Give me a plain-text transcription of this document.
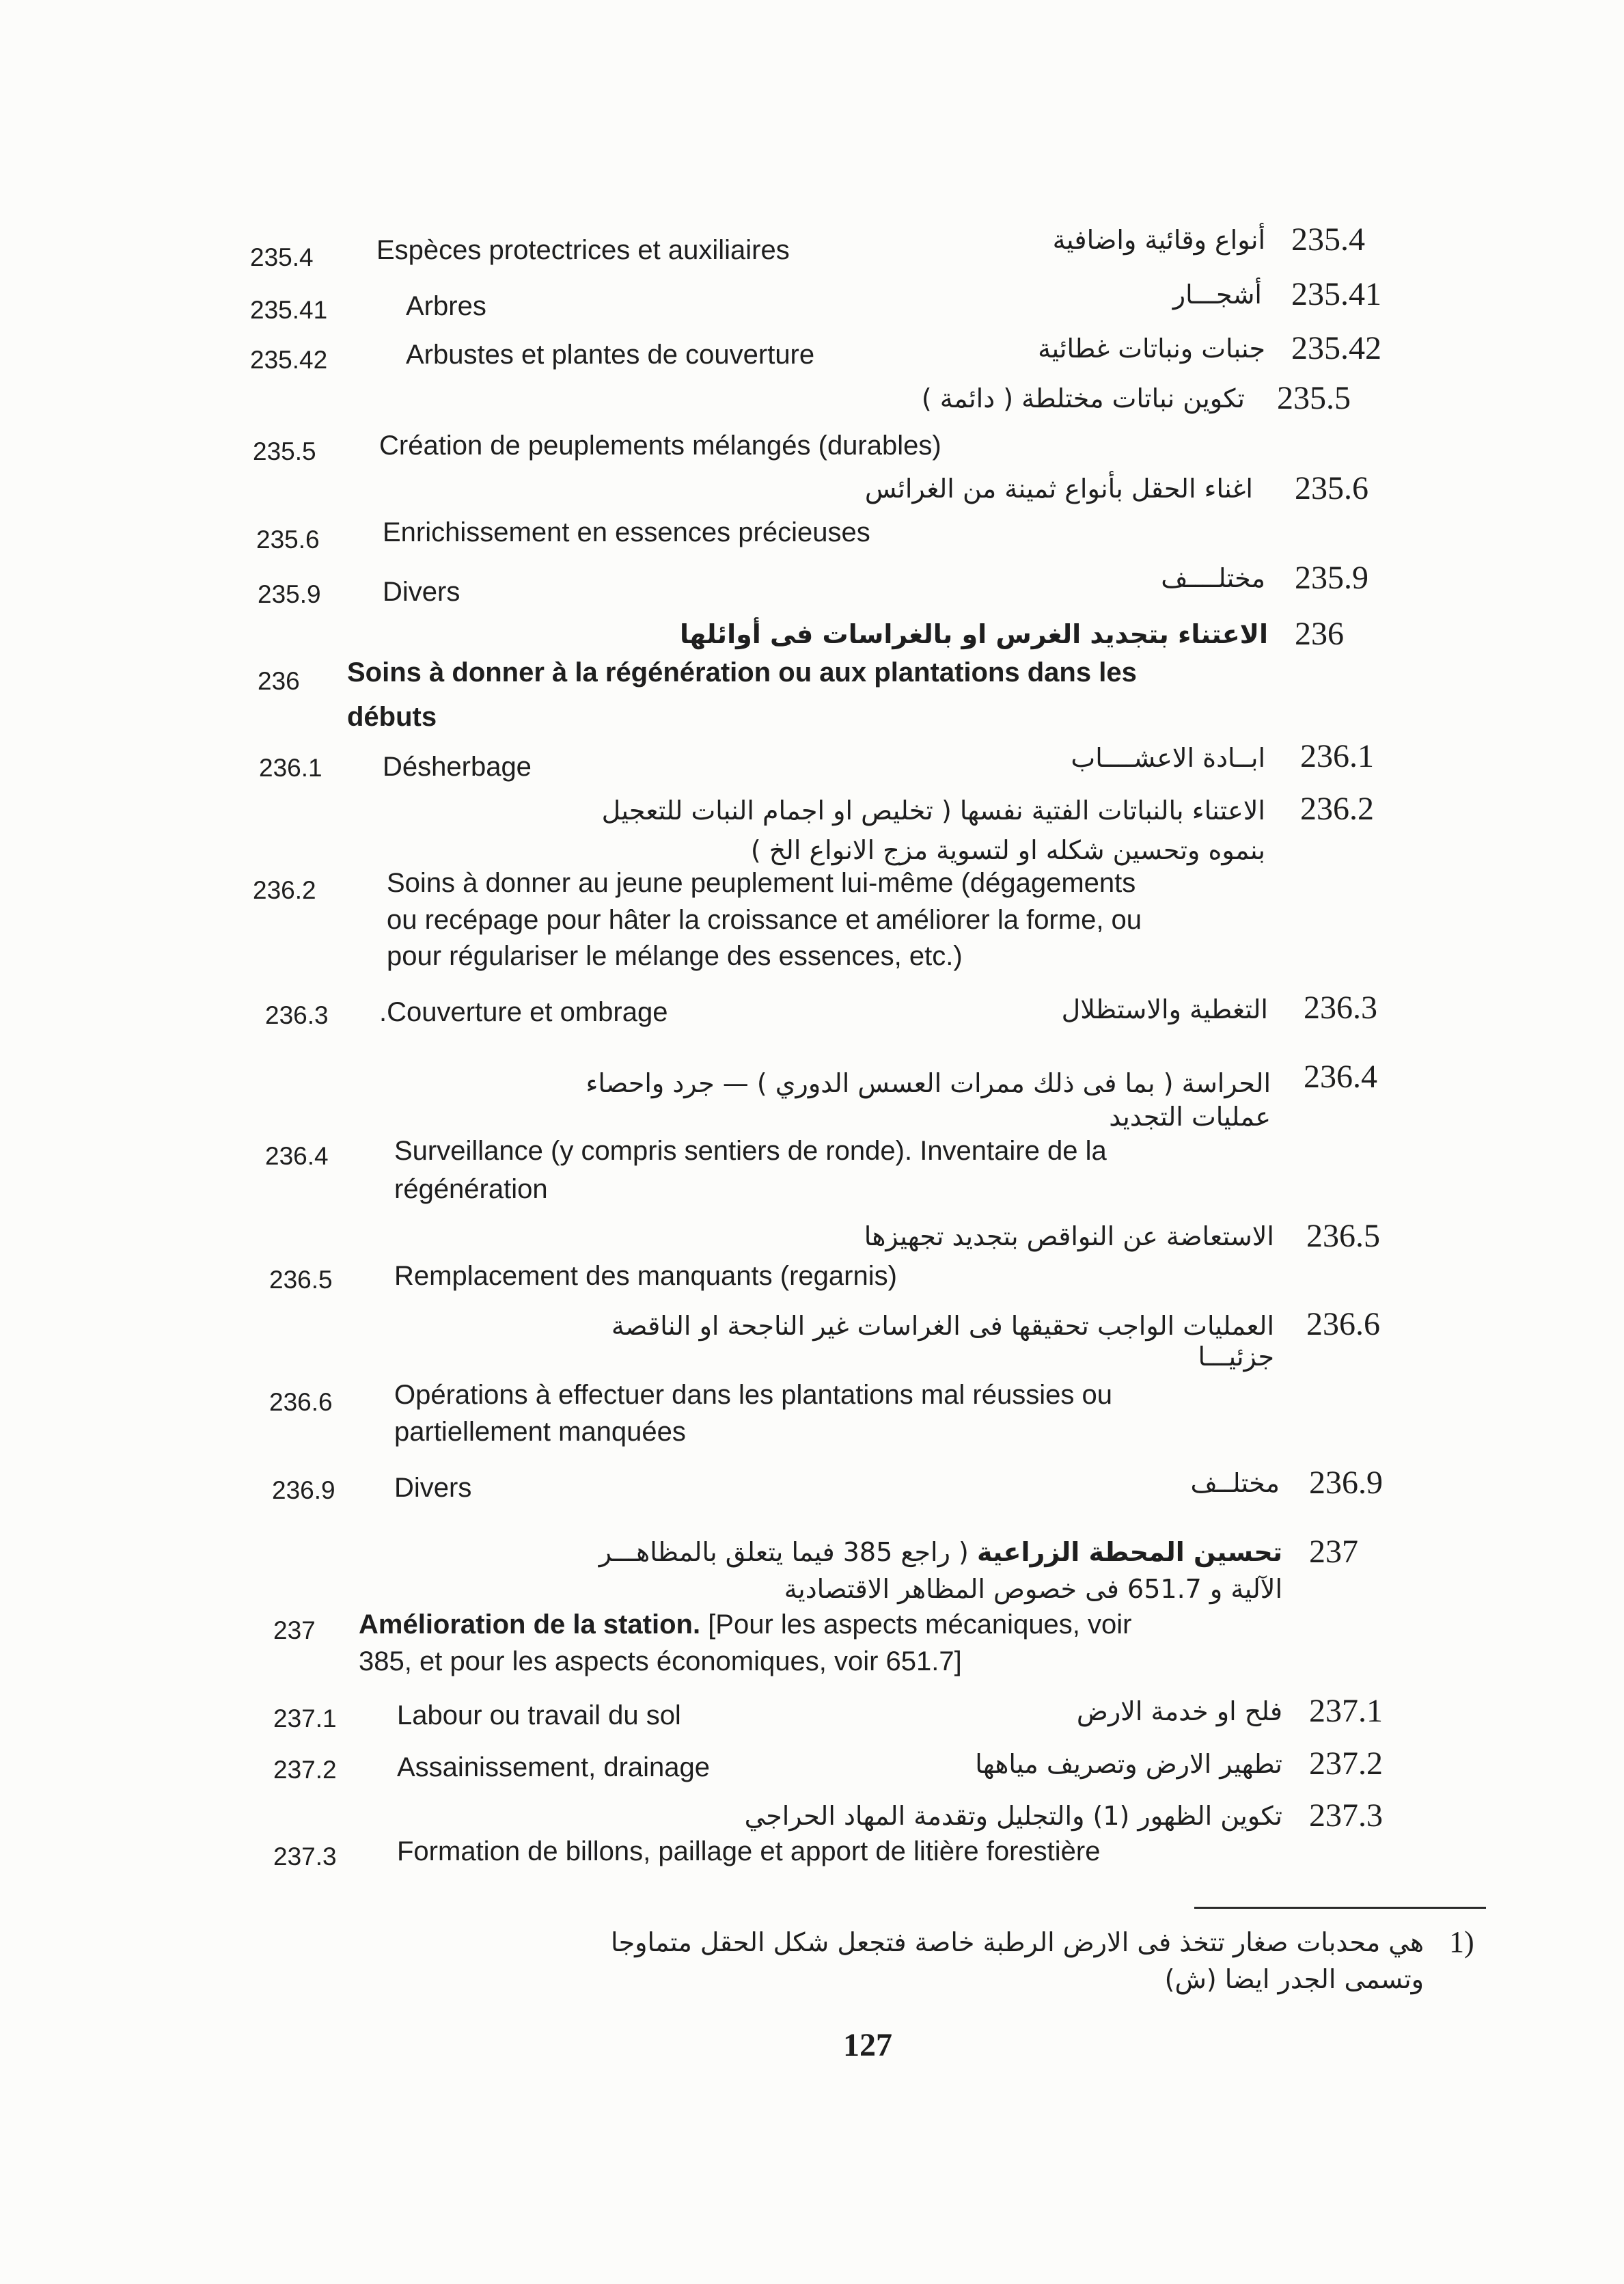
235.4
أنواع وقائية واضافية
235.4 Espèces protectrices et auxiliaires
235.41
أشجـــار
235.41	Arbres
235.42
جنبات ونباتات غطائية
235.42	Arbustes et plantes de couverture
235.5
تكوين نباتات مختلطة ( دائمة )
235.5 Création de peuplements mélangés (durables)
235.6
اغناء الحقل بأنواع ثمينة من الغرائس
235.6 Enrichissement en essences précieuses
235.9
مختلــــف
235.9 Divers
236
الاعتناء بتجديد الغرس او بالغراسات فى أوائلها
236 Soins à donner à la régénération ou aux plantations dans les
débuts
236.1
ابــادة الاعشــــاب
236.1 Désherbage
236.2
الاعتناء بالنباتات الفتية نفسها ( تخليص او اجمام النبات للتعجيل
بنموه وتحسين شكله او لتسوية مزج الانواع الخ )
236.2	Soins à donner au jeune peuplement lui-même (dégagements
ou recépage pour hâter la croissance et améliorer la forme, ou
pour régulariser le mélange des essences, etc.)
236.3
التغطية والاستظلال
236.3 .Couverture et ombrage
236.4
الحراسة ( بما فى ذلك ممرات العسس الدوري ) — جرد واحصاء
عمليات التجديد
236.4 Surveillance (y compris sentiers de ronde). Inventaire de la
régénération
236.5
الاستعاضة عن النواقص بتجديد تجهيزها
236.5 Remplacement des manquants (regarnis)
236.6
العمليات الواجب تحقيقها فى الغراسات غير الناجحة او الناقصة
جزئيـــا
236.6 Opérations à effectuer dans les plantations mal réussies ou
partiellement manquées
236.9
مختلــف
236.9 Divers
237
تحسين المحطة الزراعية ( راجع 385 فيما يتعلق بالمظاهـــر
الآلية و 651.7 فى خصوص المظاهر الاقتصادية
237 Amélioration de la station. [Pour les aspects mécaniques, voir
385, et pour les aspects économiques, voir 651.7]
237.1
فلح او خدمة الارض
237.1 Labour ou travail du sol
237.2
تطهير الارض وتصريف مياهها
237.2 Assainissement, drainage
237.3
تكوين الظهور (1) والتجليل وتقدمة المهاد الحراجي
237.3 Formation de billons, paillage et apport de litière forestière
1)
هي محدبات صغار تتخذ فى الارض الرطبة خاصة فتجعل شكل الحقل متماوجا
وتسمى الجدر ايضا (ش)
127
